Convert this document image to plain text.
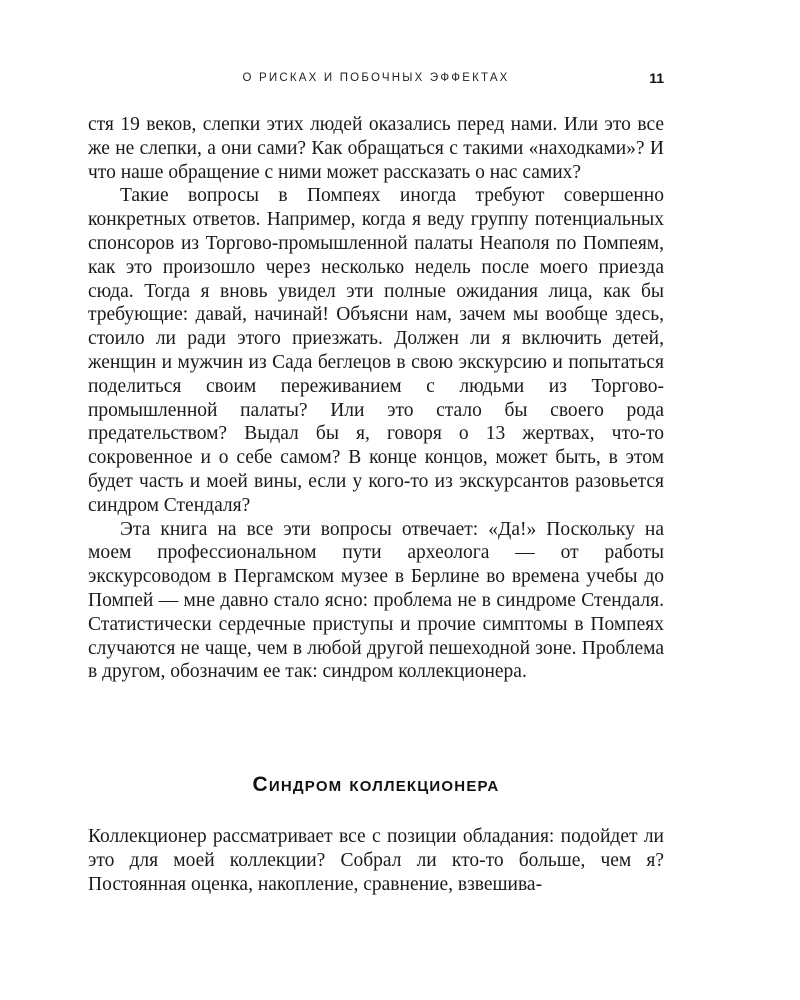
О РИСКАХ И ПОБОЧНЫХ ЭФФЕКТАХ	11

стя 19 веков, слепки этих людей оказались перед нами. Или это все же не слепки, а они сами? Как обращаться с такими «находками»? И что наше обращение с ними может рассказать о нас самих?

Такие вопросы в Помпеях иногда требуют совершенно конкретных ответов. Например, когда я веду группу потенциальных спонсоров из Торгово-промышленной палаты Неаполя по Помпеям, как это произошло через несколько недель после моего приезда сюда. Тогда я вновь увидел эти полные ожидания лица, как бы требующие: давай, начинай! Объясни нам, зачем мы вообще здесь, стоило ли ради этого приезжать. Должен ли я включить детей, женщин и мужчин из Сада беглецов в свою экскурсию и попытаться поделиться своим переживанием с людьми из Торгово-промышленной палаты? Или это стало бы своего рода предательством? Выдал бы я, говоря о 13 жертвах, что-то сокровенное и о себе самом? В конце концов, может быть, в этом будет часть и моей вины, если у кого-то из экскурсантов разовьется синдром Стендаля?

Эта книга на все эти вопросы отвечает: «Да!» Поскольку на моем профессиональном пути археолога — от работы экскурсоводом в Пергамском музее в Берлине во времена учебы до Помпей — мне давно стало ясно: проблема не в синдроме Стендаля. Статистически сердечные приступы и прочие симптомы в Помпеях случаются не чаще, чем в любой другой пешеходной зоне. Проблема в другом, обозначим ее так: синдром коллекционера.

Синдром коллекционера

Коллекционер рассматривает все с позиции обладания: подойдет ли это для моей коллекции? Собрал ли кто-то больше, чем я? Постоянная оценка, накопление, сравнение, взвешива-
